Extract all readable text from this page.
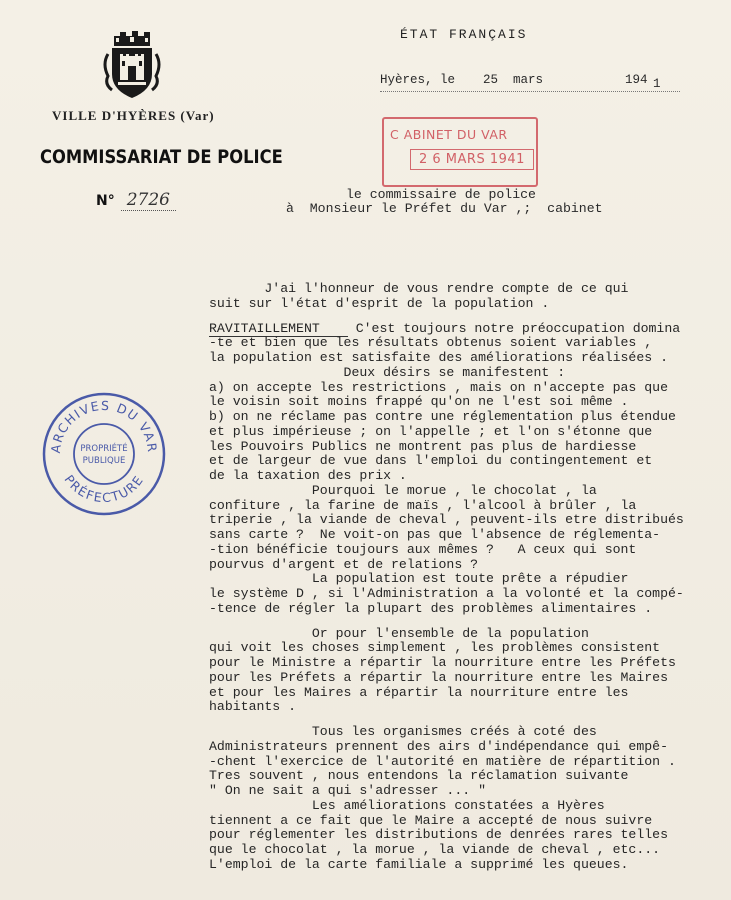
VILLE D'HYÈRES (Var)
COMMISSARIAT DE POLICE
N° 2726
ÉTAT FRANÇAIS
Hyères, le 25 mars	194 1
C ABINET DU VAR
2 6 MARS 1941
le commissaire de police
à  Monsieur le Préfet du Var ,;  cabinet
ARCHIVES DU VAR
PRÉFECTURE
PROPRIÉTÉ
PUBLIQUE
J'ai l'honneur de vous rendre compte de ce qui
suit sur l'état d'esprit de la population .
RAVITAILLEMENT C'est toujours notre préoccupation domina
-te et bien que les résultats obtenus soient variables ,
la population est satisfaite des améliorations réalisées .
Deux désirs se manifestent :
a) on accepte les restrictions , mais on n'accepte pas que
le voisin soit moins frappé qu'on ne l'est soi même .
b) on ne réclame pas contre une réglementation plus étendue
et plus impérieuse ; on l'appelle ; et l'on s'étonne que
les Pouvoirs Publics ne montrent pas plus de hardiesse
et de largeur de vue dans l'emploi du contingentement et
de la taxation des prix .
Pourquoi le morue , le chocolat , la
confiture , la farine de maïs , l'alcool à brûler , la
triperie , la viande de cheval , peuvent-ils etre distribués
sans carte ?  Ne voit-on pas que l'absence de réglementa-
-tion bénéficie toujours aux mêmes ?   A ceux qui sont
pourvus d'argent et de relations ?
La population est toute prête a répudier
le système D , si l'Administration a la volonté et la compé-
-tence de régler la plupart des problèmes alimentaires .
Or pour l'ensemble de la population
qui voit les choses simplement , les problèmes consistent
pour le Ministre a répartir la nourriture entre les Préfets
pour les Préfets a répartir la nourriture entre les Maires
et pour les Maires a répartir la nourriture entre les
habitants .
Tous les organismes créés à coté des
Administrateurs prennent des airs d'indépendance qui empê-
-chent l'exercice de l'autorité en matière de répartition .
Tres souvent , nous entendons la réclamation suivante
" On ne sait a qui s'adresser ... "
Les améliorations constatées a Hyères
tiennent a ce fait que le Maire a accepté de nous suivre
pour réglementer les distributions de denrées rares telles
que le chocolat , la morue , la viande de cheval , etc...
L'emploi de la carte familiale a supprimé les queues.
